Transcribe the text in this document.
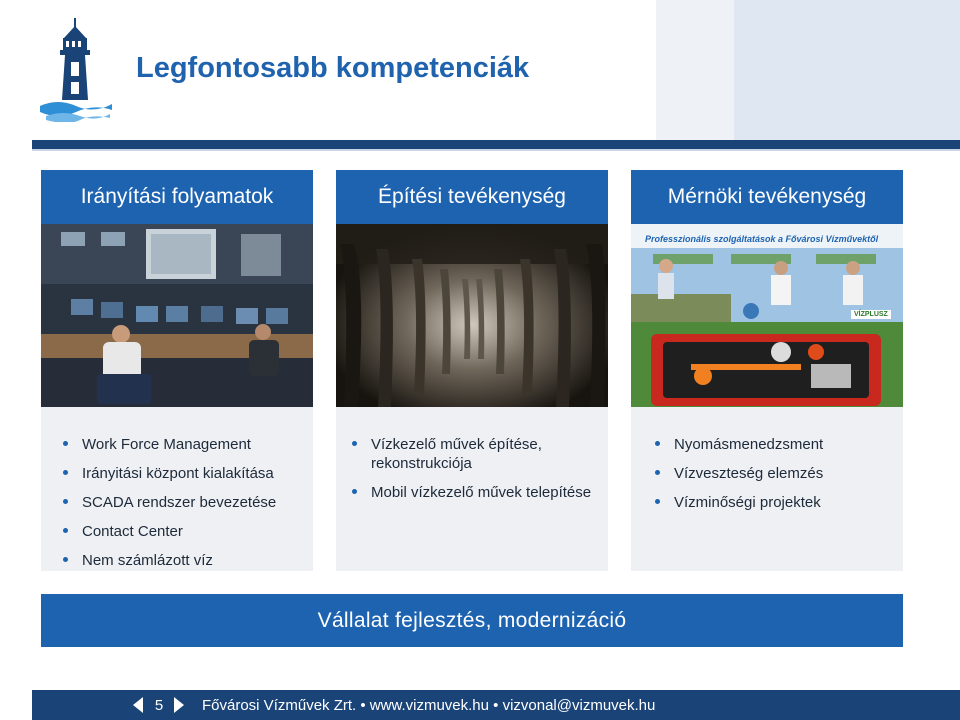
Legfontosabb kompetenciák
Irányítási folyamatok
Work Force Management
Irányitási központ kialakítása
SCADA rendszer bevezetése
Contact Center
Nem számlázott víz
Építési tevékenység
Vízkezelő művek építése, rekonstrukciója
Mobil vízkezelő művek telepítése
Mérnöki tevékenység
Professzionális szolgáltatások a Fővárosi Vízművektől
VÍZPLUSZ
Nyomásmenedzsment
Vízveszteség elemzés
Vízminőségi projektek
Vállalat fejlesztés, modernizáció
5	Fővárosi Vízművek Zrt. • www.vizmuvek.hu • vizvonal@vizmuvek.hu
